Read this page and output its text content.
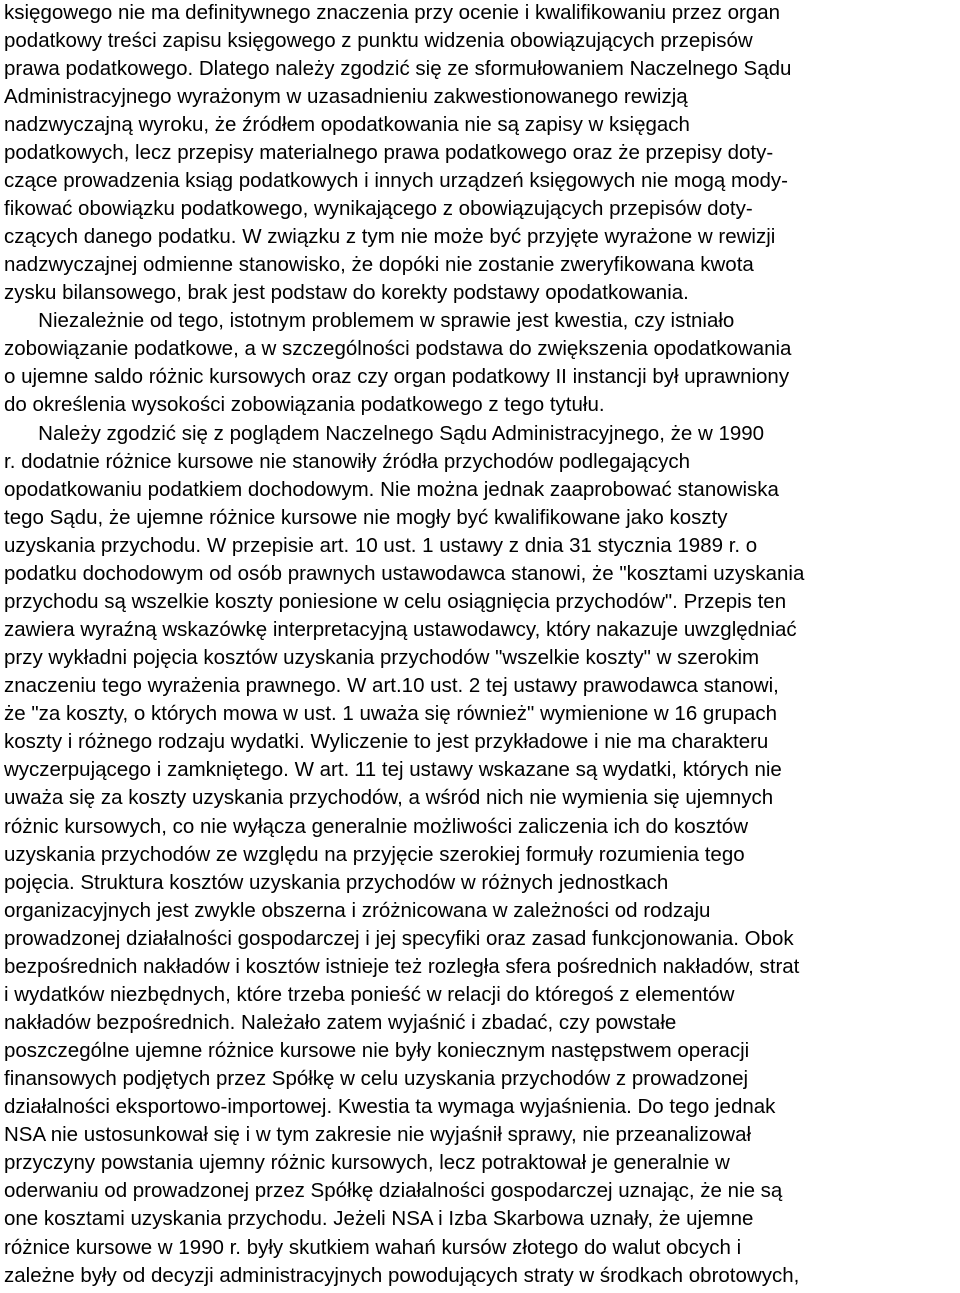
księgowego nie ma definitywnego znaczenia przy ocenie i kwalifikowaniu przez organ
podatkowy treści zapisu księgowego z punktu widzenia obowiązujących przepisów
prawa podatkowego. Dlatego należy zgodzić się ze sformułowaniem Naczelnego Sądu
Administracyjnego wyrażonym w uzasadnieniu zakwestionowanego rewizją
nadzwyczajną wyroku, że źródłem opodatkowania nie są zapisy w księgach
podatkowych, lecz przepisy materialnego prawa podatkowego oraz że przepisy doty-
czące prowadzenia ksiąg podatkowych i innych urządzeń księgowych nie mogą mody-
fikować obowiązku podatkowego, wynikającego z obowiązujących przepisów doty-
czących danego podatku. W związku z tym nie może być przyjęte wyrażone w rewizji
nadzwyczajnej odmienne stanowisko, że dopóki nie zostanie zweryfikowana kwota
zysku bilansowego, brak jest podstaw do korekty podstawy opodatkowania.
Niezależnie od tego, istotnym problemem w sprawie jest kwestia, czy istniało
zobowiązanie podatkowe, a w szczególności podstawa do zwiększenia opodatkowania
o ujemne saldo różnic kursowych oraz czy organ podatkowy II instancji był uprawniony
do określenia wysokości zobowiązania podatkowego z tego tytułu.
Należy zgodzić się z poglądem Naczelnego Sądu Administracyjnego, że w 1990
r. dodatnie różnice kursowe nie stanowiły źródła przychodów podlegających
opodatkowaniu podatkiem dochodowym. Nie można jednak zaaprobować stanowiska
tego Sądu, że ujemne różnice kursowe nie mogły być kwalifikowane jako koszty
uzyskania przychodu. W przepisie art. 10 ust. 1 ustawy z dnia 31 stycznia 1989 r. o
podatku dochodowym od osób prawnych ustawodawca stanowi, że "kosztami uzyskania
przychodu są wszelkie koszty poniesione w celu osiągnięcia przychodów". Przepis ten
zawiera wyraźną wskazówkę interpretacyjną ustawodawcy, który nakazuje uwzględniać
przy wykładni pojęcia kosztów uzyskania przychodów "wszelkie koszty" w szerokim
znaczeniu tego wyrażenia prawnego. W art.10 ust. 2 tej ustawy prawodawca stanowi,
że "za koszty, o których mowa w ust. 1 uważa się również" wymienione w 16 grupach
koszty i różnego rodzaju wydatki. Wyliczenie to jest przykładowe i nie ma charakteru
wyczerpującego i zamkniętego. W art. 11 tej ustawy wskazane są wydatki, których nie
uważa się za koszty uzyskania przychodów, a wśród nich nie wymienia się ujemnych
różnic kursowych, co nie wyłącza generalnie możliwości zaliczenia ich do kosztów
uzyskania przychodów ze względu na przyjęcie szerokiej formuły rozumienia tego
pojęcia. Struktura kosztów uzyskania przychodów w różnych jednostkach
organizacyjnych jest zwykle obszerna i zróżnicowana w zależności od rodzaju
prowadzonej działalności gospodarczej i jej specyfiki oraz zasad funkcjonowania. Obok
bezpośrednich nakładów i kosztów istnieje też rozległa sfera pośrednich nakładów, strat
i wydatków niezbędnych, które trzeba ponieść w relacji do któregoś z elementów
nakładów bezpośrednich. Należało zatem wyjaśnić i zbadać, czy powstałe
poszczególne ujemne różnice kursowe nie były koniecznym następstwem operacji
finansowych podjętych przez Spółkę w celu uzyskania przychodów z prowadzonej
działalności eksportowo-importowej. Kwestia ta wymaga wyjaśnienia. Do tego jednak
NSA nie ustosunkował się i w tym zakresie nie wyjaśnił sprawy, nie przeanalizował
przyczyny powstania ujemny różnic kursowych, lecz potraktował je generalnie w
oderwaniu od prowadzonej przez Spółkę działalności gospodarczej uznając, że nie są
one kosztami uzyskania przychodu. Jeżeli NSA i Izba Skarbowa uznały, że ujemne
różnice kursowe w 1990 r. były skutkiem wahań kursów złotego do walut obcych i
zależne były od decyzji administracyjnych powodujących straty w środkach obrotowych,
